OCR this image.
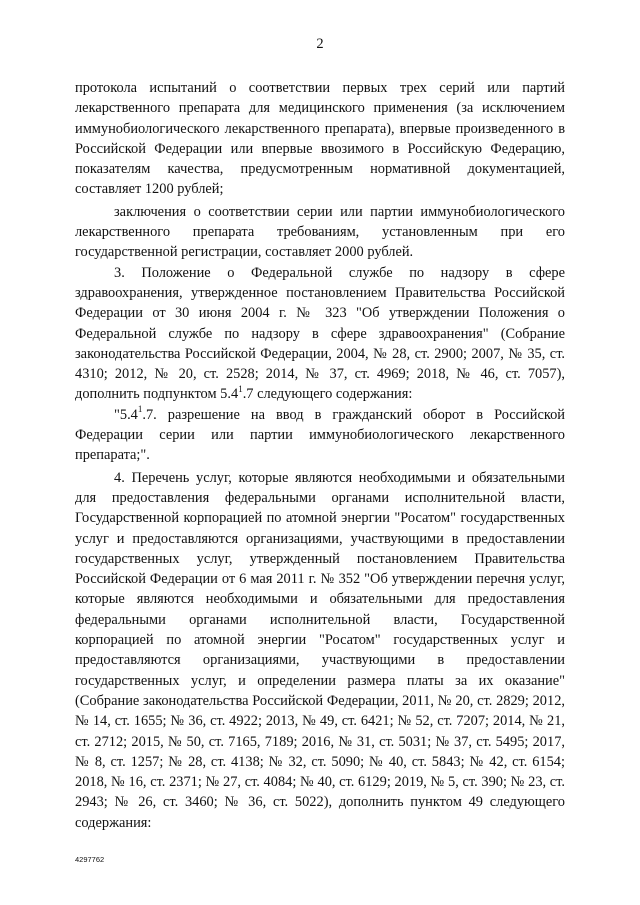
2

протокола испытаний о соответствии первых трех серий или партий лекарственного препарата для медицинского применения (за исключением иммунобиологического лекарственного препарата), впервые произведенного в Российской Федерации или впервые ввозимого в Российскую Федерацию, показателям качества, предусмотренным нормативной документацией, составляет 1200 рублей;

заключения о соответствии серии или партии иммунобиологического лекарственного препарата требованиям, установленным при его государственной регистрации, составляет 2000 рублей.

3. Положение о Федеральной службе по надзору в сфере здравоохранения, утвержденное постановлением Правительства Российской Федерации от 30 июня 2004 г. № 323 "Об утверждении Положения о Федеральной службе по надзору в сфере здравоохранения" (Собрание законодательства Российской Федерации, 2004, № 28, ст. 2900; 2007, № 35, ст. 4310; 2012, № 20, ст. 2528; 2014, № 37, ст. 4969; 2018, № 46, ст. 7057), дополнить подпунктом $5.4^1.7$ следующего содержания:

"$5.4^1.7$. разрешение на ввод в гражданский оборот в Российской Федерации серии или партии иммунобиологического лекарственного препарата;".

4. Перечень услуг, которые являются необходимыми и обязательными для предоставления федеральными органами исполнительной власти, Государственной корпорацией по атомной энергии "Росатом" государственных услуг и предоставляются организациями, участвующими в предоставлении государственных услуг, утвержденный постановлением Правительства Российской Федерации от 6 мая 2011 г. № 352 "Об утверждении перечня услуг, которые являются необходимыми и обязательными для предоставления федеральными органами исполнительной власти, Государственной корпорацией по атомной энергии "Росатом" государственных услуг и предоставляются организациями, участвующими в предоставлении государственных услуг, и определении размера платы за их оказание" (Собрание законодательства Российской Федерации, 2011, № 20, ст. 2829; 2012, № 14, ст. 1655; № 36, ст. 4922; 2013, № 49, ст. 6421; № 52, ст. 7207; 2014, № 21, ст. 2712; 2015, № 50, ст. 7165, 7189; 2016, № 31, ст. 5031; № 37, ст. 5495; 2017, № 8, ст. 1257; № 28, ст. 4138; № 32, ст. 5090; № 40, ст. 5843; № 42, ст. 6154; 2018, № 16, ст. 2371; № 27, ст. 4084; № 40, ст. 6129; 2019, № 5, ст. 390; № 23, ст. 2943; № 26, ст. 3460; № 36, ст. 5022), дополнить пунктом 49 следующего содержания:

4297762
